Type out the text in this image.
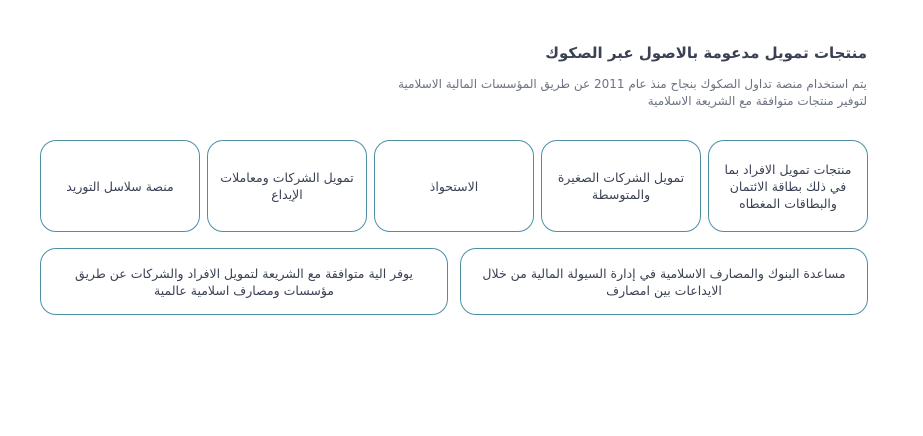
منتجات تمويل مدعومة بالاصول عبر الصكوك

يتم استخدام منصة تداول الصكوك بنجاح منذ عام 2011 عن طريق المؤسسات المالية الاسلامية
لتوفير منتجات متوافقة مع الشريعة الاسلامية

منتجات تمويل الافراد بما
في ذلك بطاقة الائتمان
والبطاقات المغطاه
تمويل الشركات الصغيرة
والمتوسطة
الاستحواذ
تمويل الشركات ومعاملات
الإيداع
منصة سلاسل التوريد
مساعدة البنوك والمصارف الاسلامية في إدارة السيولة المالية من خلال
الايداعات بين امصارف
يوفر الية متوافقة مع الشريعة لتمويل الافراد والشركات عن طريق
مؤسسات ومصارف اسلامية عالمية
